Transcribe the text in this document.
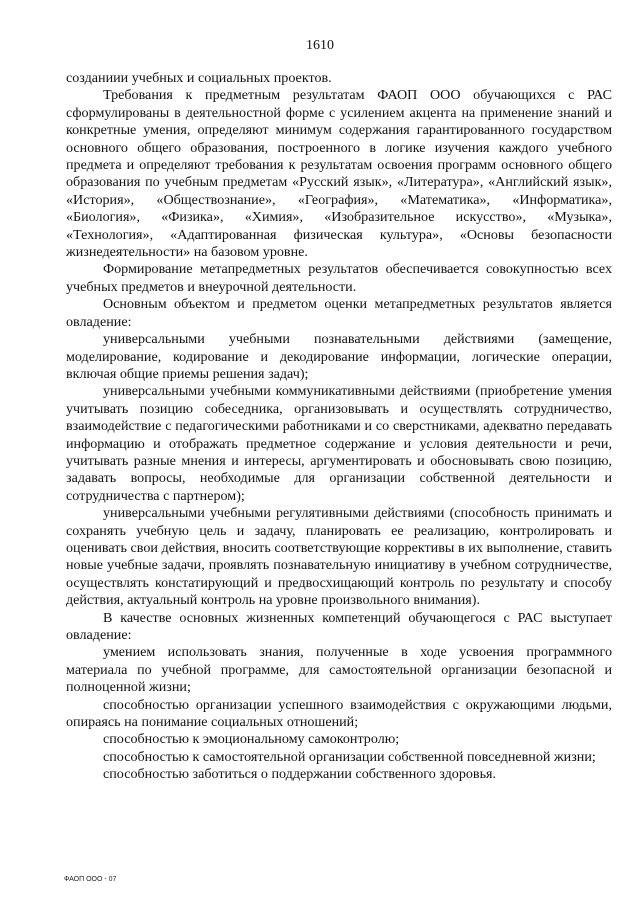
1610

созданиии учебных и социальных проектов.

Требования к предметным результатам ФАОП ООО обучающихся с РАС сформулированы в деятельностной форме с усилением акцента на применение знаний и конкретные умения, определяют минимум содержания гарантированного государством основного общего образования, построенного в логике изучения каждого учебного предмета и определяют требования к результатам освоения программ основного общего образования по учебным предметам «Русский язык», «Литература», «Английский язык», «История», «Обществознание», «География», «Математика», «Информатика», «Биология», «Физика», «Химия», «Изобразительное искусство», «Музыка», «Технология», «Адаптированная физическая культура», «Основы безопасности жизнедеятельности» на базовом уровне.

Формирование метапредметных результатов обеспечивается совокупностью всех учебных предметов и внеурочной деятельности.

Основным объектом и предметом оценки метапредметных результатов является овладение:

универсальными учебными познавательными действиями (замещение, моделирование, кодирование и декодирование информации, логические операции, включая общие приемы решения задач);

универсальными учебными коммуникативными действиями (приобретение умения учитывать позицию собеседника, организовывать и осуществлять сотрудничество, взаимодействие с педагогическими работниками и со сверстниками, адекватно передавать информацию и отображать предметное содержание и условия деятельности и речи, учитывать разные мнения и интересы, аргументировать и обосновывать свою позицию, задавать вопросы, необходимые для организации собственной деятельности и сотрудничества с партнером);

универсальными учебными регулятивными действиями (способность принимать и сохранять учебную цель и задачу, планировать ее реализацию, контролировать и оценивать свои действия, вносить соответствующие коррективы в их выполнение, ставить новые учебные задачи, проявлять познавательную инициативу в учебном сотрудничестве, осуществлять констатирующий и предвосхищающий контроль по результату и способу действия, актуальный контроль на уровне произвольного внимания).

В качестве основных жизненных компетенций обучающегося с РАС выступает овладение:

умением использовать знания, полученные в ходе усвоения программного материала по учебной программе, для самостоятельной организации безопасной и полноценной жизни;

способностью организации успешного взаимодействия с окружающими людьми, опираясь на понимание социальных отношений;

способностью к эмоциональному самоконтролю;

способностью к самостоятельной организации собственной повседневной жизни;

способностью заботиться о поддержании собственного здоровья.

ФАОП ООО - 07
